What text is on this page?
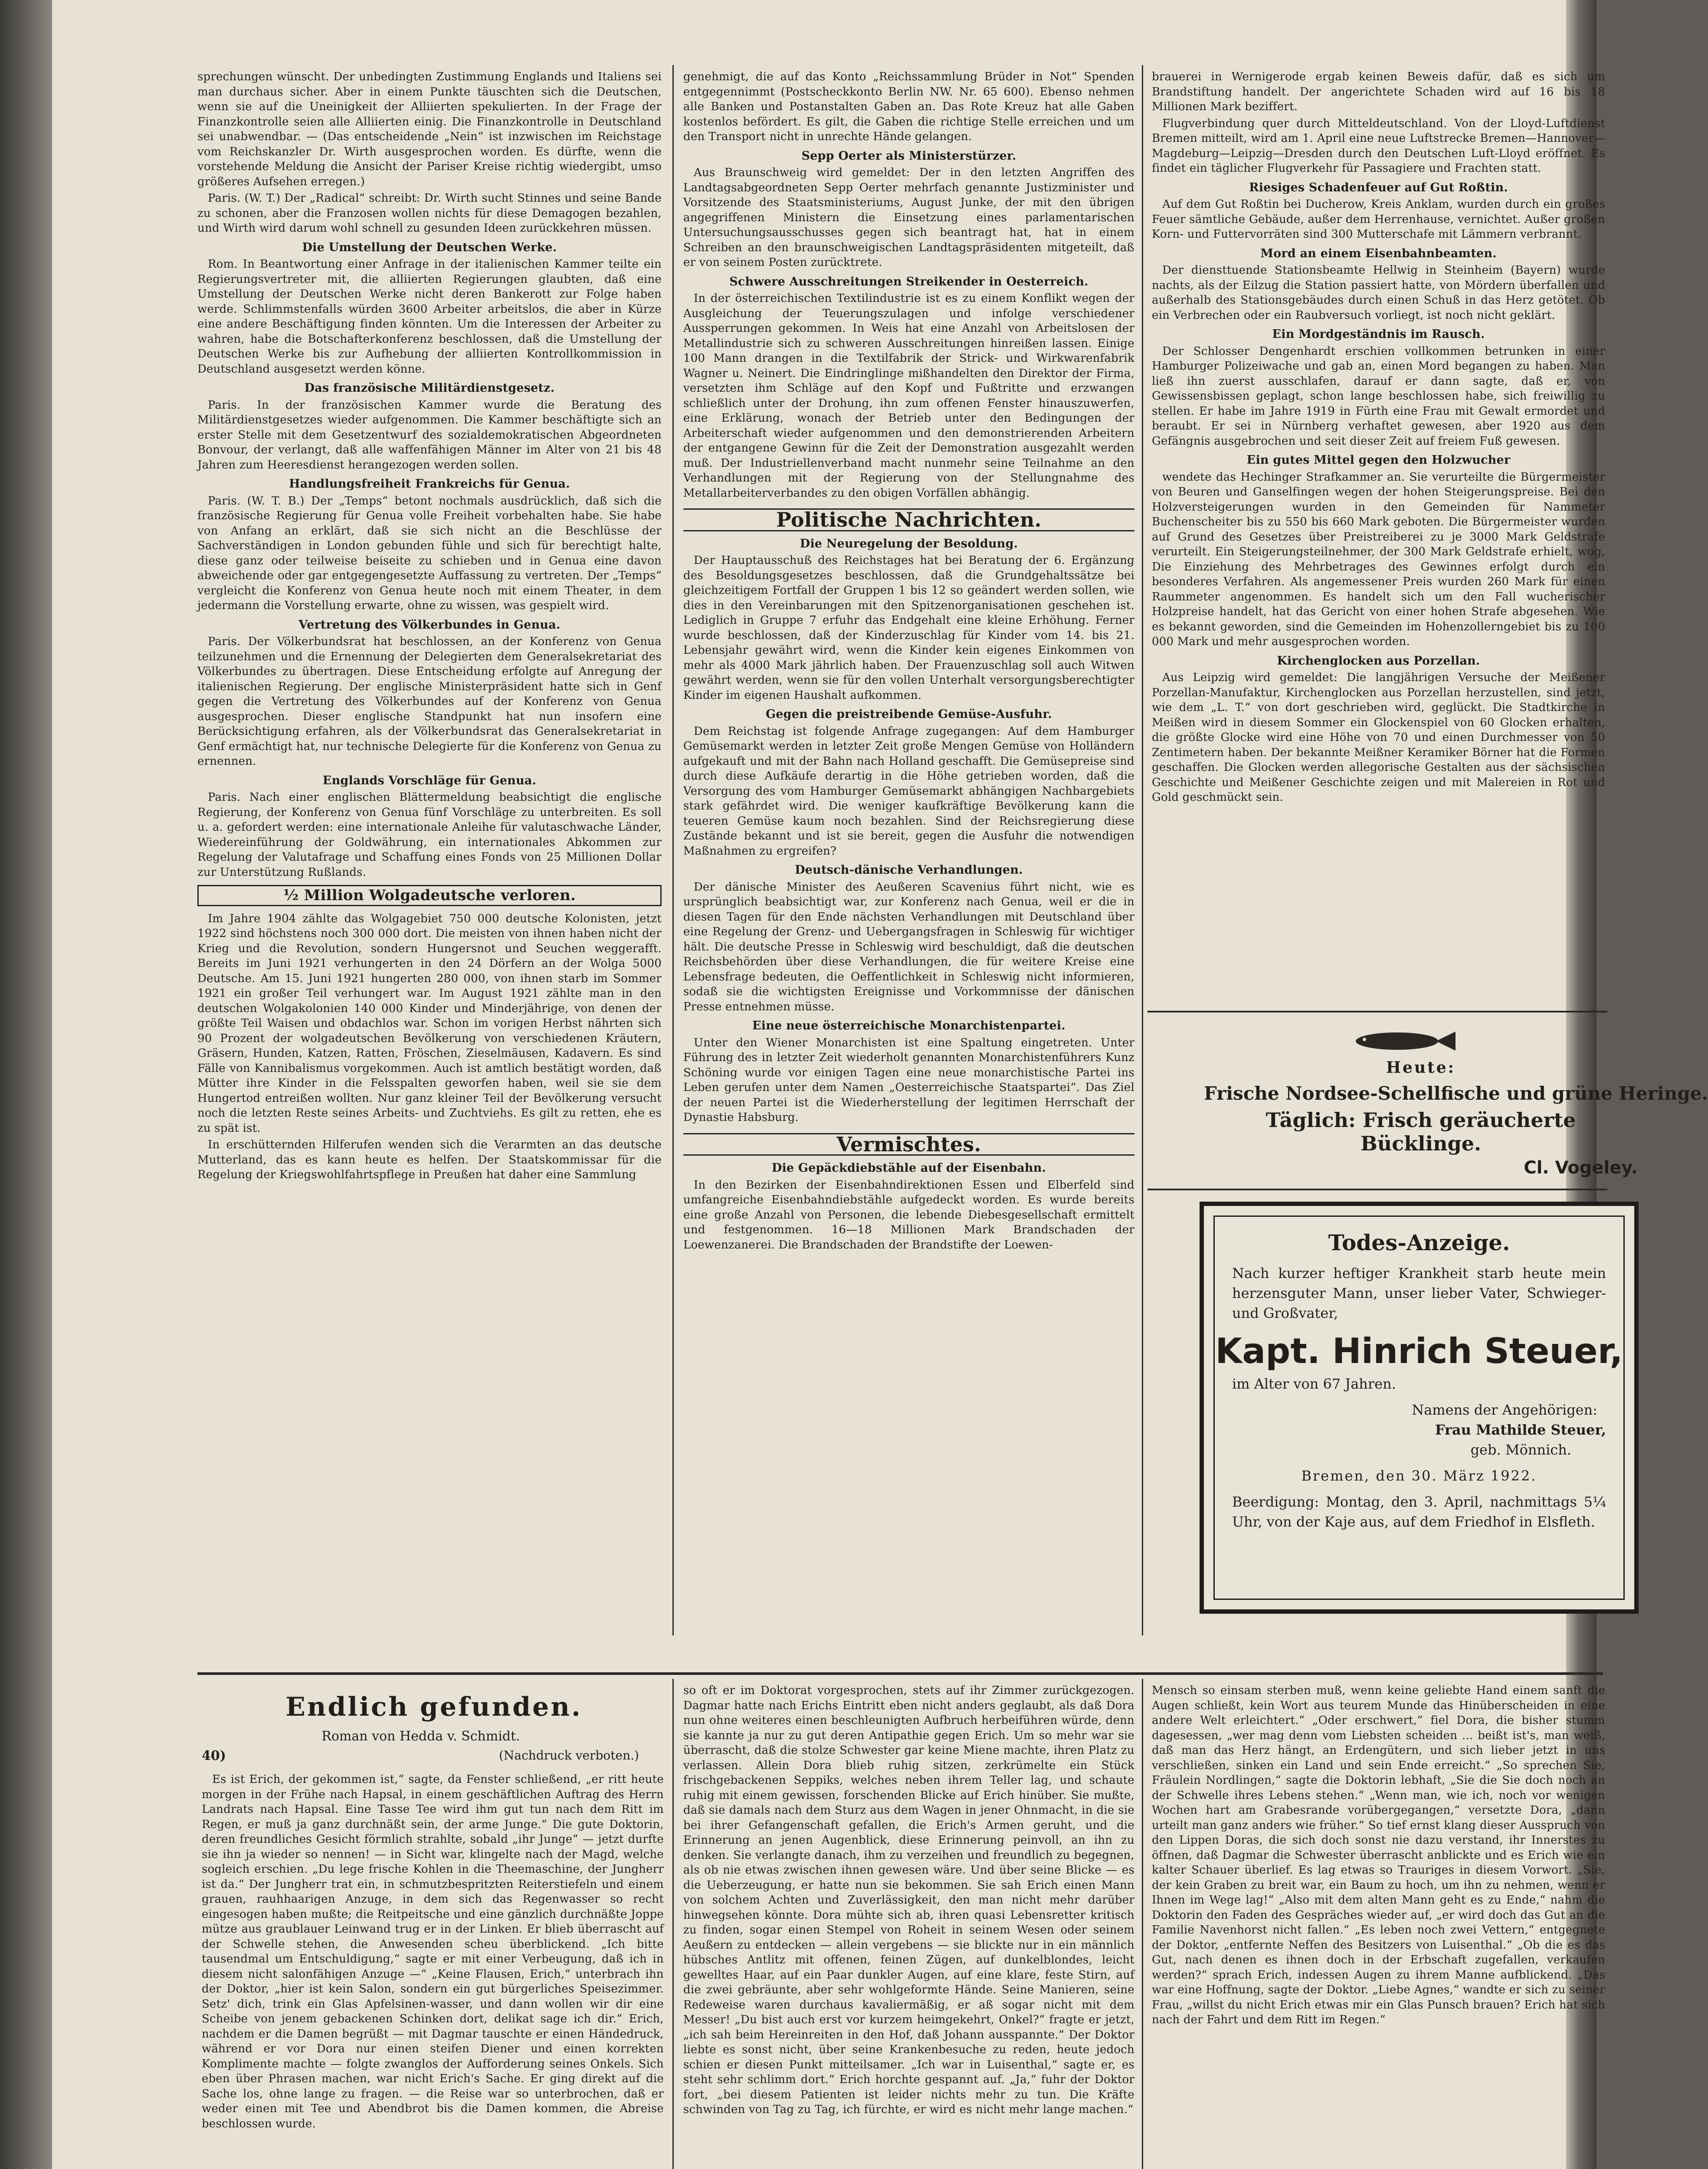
sprechungen wünscht. Der unbedingten Zustimmung Englands und Italiens sei man durchaus sicher. Aber in einem Punkte täuschten sich die Deutschen, wenn sie auf die Uneinigkeit der Alliierten spekulierten. In der Frage der Finanzkontrolle seien alle Alliierten einig. Die Finanzkontrolle in Deutschland sei unabwendbar. — (Das entscheidende „Nein“ ist inzwischen im Reichstage vom Reichskanzler Dr. Wirth ausgesprochen worden. Es dürfte, wenn die vorstehende Meldung die Ansicht der Pariser Kreise richtig wiedergibt, umso größeres Aufsehen erregen.)

Paris. (W. T.) Der „Radical“ schreibt: Dr. Wirth sucht Stinnes und seine Bande zu schonen, aber die Franzosen wollen nichts für diese Demagogen bezahlen, und Wirth wird darum wohl schnell zu gesunden Ideen zurückkehren müssen.

Die Umstellung der Deutschen Werke.

Rom. In Beantwortung einer Anfrage in der italienischen Kammer teilte ein Regierungsvertreter mit, die alliierten Regierungen glaubten, daß eine Umstellung der Deutschen Werke nicht deren Bankerott zur Folge haben werde. Schlimmstenfalls würden 3600 Arbeiter arbeitslos, die aber in Kürze eine andere Beschäftigung finden könnten. Um die Interessen der Arbeiter zu wahren, habe die Botschafterkonferenz beschlossen, daß die Umstellung der Deutschen Werke bis zur Aufhebung der alliierten Kontrollkommission in Deutschland ausgesetzt werden könne.

Das französische Militärdienstgesetz.

Paris. In der französischen Kammer wurde die Beratung des Militärdienstgesetzes wieder aufgenommen. Die Kammer beschäftigte sich an erster Stelle mit dem Gesetzentwurf des sozialdemokratischen Abgeordneten Bonvour, der verlangt, daß alle waffenfähigen Männer im Alter von 21 bis 48 Jahren zum Heeresdienst herangezogen werden sollen.

Handlungsfreiheit Frankreichs für Genua.

Paris. (W. T. B.) Der „Temps“ betont nochmals ausdrücklich, daß sich die französische Regierung für Genua volle Freiheit vorbehalten habe. Sie habe von Anfang an erklärt, daß sie sich nicht an die Beschlüsse der Sachverständigen in London gebunden fühle und sich für berechtigt halte, diese ganz oder teilweise beiseite zu schieben und in Genua eine davon abweichende oder gar entgegengesetzte Auffassung zu vertreten. Der „Temps“ vergleicht die Konferenz von Genua heute noch mit einem Theater, in dem jedermann die Vorstellung erwarte, ohne zu wissen, was gespielt wird.

Vertretung des Völkerbundes in Genua.

Paris. Der Völkerbundsrat hat beschlossen, an der Konferenz von Genua teilzunehmen und die Ernennung der Delegierten dem Generalsekretariat des Völkerbundes zu übertragen. Diese Entscheidung erfolgte auf Anregung der italienischen Regierung. Der englische Ministerpräsident hatte sich in Genf gegen die Vertretung des Völkerbundes auf der Konferenz von Genua ausgesprochen. Dieser englische Standpunkt hat nun insofern eine Berücksichtigung erfahren, als der Völkerbundsrat das Generalsekretariat in Genf ermächtigt hat, nur technische Delegierte für die Konferenz von Genua zu ernennen.

Englands Vorschläge für Genua.

Paris. Nach einer englischen Blättermeldung beabsichtigt die englische Regierung, der Konferenz von Genua fünf Vorschläge zu unterbreiten. Es soll u. a. gefordert werden: eine internationale Anleihe für valutaschwache Länder, Wiedereinführung der Goldwährung, ein internationales Abkommen zur Regelung der Valutafrage und Schaffung eines Fonds von 25 Millionen Dollar zur Unterstützung Rußlands.

½ Million Wolgadeutsche verloren.

Im Jahre 1904 zählte das Wolgagebiet 750 000 deutsche Kolonisten, jetzt 1922 sind höchstens noch 300 000 dort. Die meisten von ihnen haben nicht der Krieg und die Revolution, sondern Hungersnot und Seuchen weggerafft. Bereits im Juni 1921 verhungerten in den 24 Dörfern an der Wolga 5000 Deutsche. Am 15. Juni 1921 hungerten 280 000, von ihnen starb im Sommer 1921 ein großer Teil verhungert war. Im August 1921 zählte man in den deutschen Wolgakolonien 140 000 Kinder und Minderjährige, von denen der größte Teil Waisen und obdachlos war. Schon im vorigen Herbst nährten sich 90 Prozent der wolgadeutschen Bevölkerung von verschiedenen Kräutern, Gräsern, Hunden, Katzen, Ratten, Fröschen, Zieselmäusen, Kadavern. Es sind Fälle von Kannibalismus vorgekommen. Auch ist amtlich bestätigt worden, daß Mütter ihre Kinder in die Felsspalten geworfen haben, weil sie sie dem Hungertod entreißen wollten. Nur ganz kleiner Teil der Bevölkerung versucht noch die letzten Reste seines Arbeits- und Zuchtviehs. Es gilt zu retten, ehe es zu spät ist.

In erschütternden Hilferufen wenden sich die Verarmten an das deutsche Mutterland, das es kann heute es helfen. Der Staatskommissar für die Regelung der Kriegswohlfahrtspflege in Preußen hat daher eine Sammlung

genehmigt, die auf das Konto „Reichssammlung Brüder in Not“ Spenden entgegennimmt (Postscheckkonto Berlin NW. Nr. 65 600). Ebenso nehmen alle Banken und Postanstalten Gaben an. Das Rote Kreuz hat alle Gaben kostenlos befördert. Es gilt, die Gaben die richtige Stelle erreichen und um den Transport nicht in unrechte Hände gelangen.

Sepp Oerter als Ministerstürzer.

Aus Braunschweig wird gemeldet: Der in den letzten Angriffen des Landtagsabgeordneten Sepp Oerter mehrfach genannte Justizminister und Vorsitzende des Staatsministeriums, August Junke, der mit den übrigen angegriffenen Ministern die Einsetzung eines parlamentarischen Untersuchungsausschusses gegen sich beantragt hat, hat in einem Schreiben an den braunschweigischen Landtagspräsidenten mitgeteilt, daß er von seinem Posten zurücktrete.

Schwere Ausschreitungen Streikender in Oesterreich.

In der österreichischen Textilindustrie ist es zu einem Konflikt wegen der Ausgleichung der Teuerungszulagen und infolge verschiedener Aussperrungen gekommen. In Weis hat eine Anzahl von Arbeitslosen der Metallindustrie sich zu schweren Ausschreitungen hinreißen lassen. Einige 100 Mann drangen in die Textilfabrik der Strick- und Wirkwarenfabrik Wagner u. Neinert. Die Eindringlinge mißhandelten den Direktor der Firma, versetzten ihm Schläge auf den Kopf und Fußtritte und erzwangen schließlich unter der Drohung, ihn zum offenen Fenster hinauszuwerfen, eine Erklärung, wonach der Betrieb unter den Bedingungen der Arbeiterschaft wieder aufgenommen und den demonstrierenden Arbeitern der entgangene Gewinn für die Zeit der Demonstration ausgezahlt werden muß. Der Industriellenverband macht nunmehr seine Teilnahme an den Verhandlungen mit der Regierung von der Stellungnahme des Metallarbeiterverbandes zu den obigen Vorfällen abhängig.

Politische Nachrichten.
Die Neuregelung der Besoldung.

Der Hauptausschuß des Reichstages hat bei Beratung der 6. Ergänzung des Besoldungsgesetzes beschlossen, daß die Grundgehaltssätze bei gleichzeitigem Fortfall der Gruppen 1 bis 12 so geändert werden sollen, wie dies in den Vereinbarungen mit den Spitzenorganisationen geschehen ist. Lediglich in Gruppe 7 erfuhr das Endgehalt eine kleine Erhöhung. Ferner wurde beschlossen, daß der Kinderzuschlag für Kinder vom 14. bis 21. Lebensjahr gewährt wird, wenn die Kinder kein eigenes Einkommen von mehr als 4000 Mark jährlich haben. Der Frauenzuschlag soll auch Witwen gewährt werden, wenn sie für den vollen Unterhalt versorgungsberechtigter Kinder im eigenen Haushalt aufkommen.

Gegen die preistreibende Gemüse-Ausfuhr.

Dem Reichstag ist folgende Anfrage zugegangen: Auf dem Hamburger Gemüsemarkt werden in letzter Zeit große Mengen Gemüse von Holländern aufgekauft und mit der Bahn nach Holland geschafft. Die Gemüsepreise sind durch diese Aufkäufe derartig in die Höhe getrieben worden, daß die Versorgung des vom Hamburger Gemüsemarkt abhängigen Nachbargebiets stark gefährdet wird. Die weniger kaufkräftige Bevölkerung kann die teueren Gemüse kaum noch bezahlen. Sind der Reichsregierung diese Zustände bekannt und ist sie bereit, gegen die Ausfuhr die notwendigen Maßnahmen zu ergreifen?

Deutsch-dänische Verhandlungen.

Der dänische Minister des Aeußeren Scavenius führt nicht, wie es ursprünglich beabsichtigt war, zur Konferenz nach Genua, weil er die in diesen Tagen für den Ende nächsten Verhandlungen mit Deutschland über eine Regelung der Grenz- und Uebergangsfragen in Schleswig für wichtiger hält. Die deutsche Presse in Schleswig wird beschuldigt, daß die deutschen Reichsbehörden über diese Verhandlungen, die für weitere Kreise eine Lebensfrage bedeuten, die Oeffentlichkeit in Schleswig nicht informieren, sodaß sie die wichtigsten Ereignisse und Vorkommnisse der dänischen Presse entnehmen müsse.

Eine neue österreichische Monarchistenpartei.

Unter den Wiener Monarchisten ist eine Spaltung eingetreten. Unter Führung des in letzter Zeit wiederholt genannten Monarchistenführers Kunz Schöning wurde vor einigen Tagen eine neue monarchistische Partei ins Leben gerufen unter dem Namen „Oesterreichische Staatspartei“. Das Ziel der neuen Partei ist die Wiederherstellung der legitimen Herrschaft der Dynastie Habsburg.

Vermischtes.
Die Gepäckdiebstähle auf der Eisenbahn.

In den Bezirken der Eisenbahndirektionen Essen und Elberfeld sind umfangreiche Eisenbahndiebstähle aufgedeckt worden. Es wurde bereits eine große Anzahl von Personen, die lebende Diebesgesellschaft ermittelt und festgenommen. 16—18 Millionen Mark Brandschaden der Loewenzanerei. Die Brandschaden der Brandstifte der Loewen-

brauerei in Wernigerode ergab keinen Beweis dafür, daß es sich um Brandstiftung handelt. Der angerichtete Schaden wird auf 16 bis 18 Millionen Mark beziffert.

Flugverbindung quer durch Mitteldeutschland. Von der Lloyd-Luftdienst Bremen mitteilt, wird am 1. April eine neue Luftstrecke Bremen—Hannover—Magdeburg—Leipzig—Dresden durch den Deutschen Luft-Lloyd eröffnet. Es findet ein täglicher Flugverkehr für Passagiere und Frachten statt.

Riesiges Schadenfeuer auf Gut Roßtin.

Auf dem Gut Roßtin bei Ducherow, Kreis Anklam, wurden durch ein großes Feuer sämtliche Gebäude, außer dem Herrenhause, vernichtet. Außer großen Korn- und Futtervorräten sind 300 Mutterschafe mit Lämmern verbrannt.

Mord an einem Eisenbahnbeamten.

Der diensttuende Stationsbeamte Hellwig in Steinheim (Bayern) wurde nachts, als der Eilzug die Station passiert hatte, von Mördern überfallen und außerhalb des Stationsgebäudes durch einen Schuß in das Herz getötet. Ob ein Verbrechen oder ein Raubversuch vorliegt, ist noch nicht geklärt.

Ein Mordgeständnis im Rausch.

Der Schlosser Dengenhardt erschien vollkommen betrunken in einer Hamburger Polizeiwache und gab an, einen Mord begangen zu haben. Man ließ ihn zuerst ausschlafen, darauf er dann sagte, daß er, von Gewissensbissen geplagt, schon lange beschlossen habe, sich freiwillig zu stellen. Er habe im Jahre 1919 in Fürth eine Frau mit Gewalt ermordet und beraubt. Er sei in Nürnberg verhaftet gewesen, aber 1920 aus dem Gefängnis ausgebrochen und seit dieser Zeit auf freiem Fuß gewesen.

Ein gutes Mittel gegen den Holzwucher

wendete das Hechinger Strafkammer an. Sie verurteilte die Bürgermeister von Beuren und Ganselfingen wegen der hohen Steigerungspreise. Bei den Holzversteigerungen wurden in den Gemeinden für Nammeter Buchenscheiter bis zu 550 bis 660 Mark geboten. Die Bürgermeister wurden auf Grund des Gesetzes über Preistreiberei zu je 3000 Mark Geldstrafe verurteilt. Ein Steigerungsteilnehmer, der 300 Mark Geldstrafe erhielt, wog, Die Einziehung des Mehrbetrages des Gewinnes erfolgt durch ein besonderes Verfahren. Als angemessener Preis wurden 260 Mark für einen Raummeter angenommen. Es handelt sich um den Fall wucherischer Holzpreise handelt, hat das Gericht von einer hohen Strafe abgesehen. Wie es bekannt geworden, sind die Gemeinden im Hohenzollerngebiet bis zu 100 000 Mark und mehr ausgesprochen worden.

Kirchenglocken aus Porzellan.

Aus Leipzig wird gemeldet: Die langjährigen Versuche der Meißener Porzellan-Manufaktur, Kirchenglocken aus Porzellan herzustellen, sind jetzt, wie dem „L. T.“ von dort geschrieben wird, geglückt. Die Stadtkirche in Meißen wird in diesem Sommer ein Glockenspiel von 60 Glocken erhalten, die größte Glocke wird eine Höhe von 70 und einen Durchmesser von 50 Zentimetern haben. Der bekannte Meißner Keramiker Börner hat die Formen geschaffen. Die Glocken werden allegorische Gestalten aus der sächsischen Geschichte und Meißener Geschichte zeigen und mit Malereien in Rot und Gold geschmückt sein.

Heute:
Frische Nordsee-Schellfische und grüne Heringe.
Täglich: Frisch geräucherte Bücklinge.
Cl. Vogeley.
Todes-Anzeige.
Nach kurzer heftiger Krankheit starb heute mein herzensguter Mann, unser lieber Vater, Schwieger- und Großvater,
Kapt. Hinrich Steuer,
im Alter von 67 Jahren.
Namens der Angehörigen:
Frau Mathilde Steuer,
geb. Mönnich.
Bremen, den 30. März 1922.
Beerdigung: Montag, den 3. April, nachmittags 5¼ Uhr, von der Kaje aus, auf dem Friedhof in Elsfleth.
Endlich gefunden.
Roman von Hedda v. Schmidt.
40)	(Nachdruck verboten.)

Es ist Erich, der gekommen ist,“ sagte, da Fenster schließend, „er ritt heute morgen in der Frühe nach Hapsal, in einem geschäftlichen Auftrag des Herrn Landrats nach Hapsal. Eine Tasse Tee wird ihm gut tun nach dem Ritt im Regen, er muß ja ganz durchnäßt sein, der arme Junge.“ Die gute Doktorin, deren freundliches Gesicht förmlich strahlte, sobald „ihr Junge“ — jetzt durfte sie ihn ja wieder so nennen! — in Sicht war, klingelte nach der Magd, welche sogleich erschien. „Du lege frische Kohlen in die Theemaschine, der Jungherr ist da.“ Der Jungherr trat ein, in schmutzbespritzten Reiterstiefeln und einem grauen, rauhhaarigen Anzuge, in dem sich das Regenwasser so recht eingesogen haben mußte; die Reitpeitsche und eine gänzlich durchnäßte Joppe mütze aus graublauer Leinwand trug er in der Linken. Er blieb überrascht auf der Schwelle stehen, die Anwesenden scheu überblickend. „Ich bitte tausendmal um Entschuldigung,“ sagte er mit einer Verbeugung, daß ich in diesem nicht salonfähigen Anzuge —“ „Keine Flausen, Erich,“ unterbrach ihn der Doktor, „hier ist kein Salon, sondern ein gut bürgerliches Speisezimmer. Setz' dich, trink ein Glas Apfelsinen-wasser, und dann wollen wir dir eine Scheibe von jenem gebackenen Schinken dort, delikat sage ich dir.“ Erich, nachdem er die Damen begrüßt — mit Dagmar tauschte er einen Händedruck, während er vor Dora nur einen steifen Diener und einen korrekten Komplimente machte — folgte zwanglos der Aufforderung seines Onkels. Sich eben über Phrasen machen, war nicht Erich's Sache. Er ging direkt auf die Sache los, ohne lange zu fragen. — die Reise war so unterbrochen, daß er weder einen mit Tee und Abendbrot bis die Damen kommen, die Abreise beschlossen wurde.

so oft er im Doktorat vorgesprochen, stets auf ihr Zimmer zurückgezogen. Dagmar hatte nach Erichs Eintritt eben nicht anders geglaubt, als daß Dora nun ohne weiteres einen beschleunigten Aufbruch herbeiführen würde, denn sie kannte ja nur zu gut deren Antipathie gegen Erich. Um so mehr war sie überrascht, daß die stolze Schwester gar keine Miene machte, ihren Platz zu verlassen. Allein Dora blieb ruhig sitzen, zerkrümelte ein Stück frischgebackenen Seppiks, welches neben ihrem Teller lag, und schaute ruhig mit einem gewissen, forschenden Blicke auf Erich hinüber. Sie mußte, daß sie damals nach dem Sturz aus dem Wagen in jener Ohnmacht, in die sie bei ihrer Gefangenschaft gefallen, die Erich's Armen geruht, und die Erinnerung an jenen Augenblick, diese Erinnerung peinvoll, an ihn zu denken. Sie verlangte danach, ihm zu verzeihen und freundlich zu begegnen, als ob nie etwas zwischen ihnen gewesen wäre. Und über seine Blicke — es die Ueberzeugung, er hatte nun sie bekommen. Sie sah Erich einen Mann von solchem Achten und Zuverlässigkeit, den man nicht mehr darüber hinwegsehen könnte. Dora mühte sich ab, ihren quasi Lebensretter kritisch zu finden, sogar einen Stempel von Roheit in seinem Wesen oder seinem Aeußern zu entdecken — allein vergebens — sie blickte nur in ein männlich hübsches Antlitz mit offenen, feinen Zügen, auf dunkelblondes, leicht gewelltes Haar, auf ein Paar dunkler Augen, auf eine klare, feste Stirn, auf die zwei gebräunte, aber sehr wohlgeformte Hände. Seine Manieren, seine Redeweise waren durchaus kavaliermäßig, er aß sogar nicht mit dem Messer! „Du bist auch erst vor kurzem heimgekehrt, Onkel?“ fragte er jetzt, „ich sah beim Hereinreiten in den Hof, daß Johann ausspannte.“ Der Doktor liebte es sonst nicht, über seine Krankenbesuche zu reden, heute jedoch schien er diesen Punkt mitteilsamer. „Ich war in Luisenthal,“ sagte er, es steht sehr schlimm dort.“ Erich horchte gespannt auf. „Ja,“ fuhr der Doktor fort, „bei diesem Patienten ist leider nichts mehr zu tun. Die Kräfte schwinden von Tag zu Tag, ich fürchte, er wird es nicht mehr lange machen.“

Mensch so einsam sterben muß, wenn keine geliebte Hand einem sanft die Augen schließt, kein Wort aus teurem Munde das Hinüberscheiden in eine andere Welt erleichtert.“ „Oder erschwert,“ fiel Dora, die bisher stumm dagesessen, „wer mag denn vom Liebsten scheiden ... beißt ist's, man weiß, daß man das Herz hängt, an Erdengütern, und sich lieber jetzt in uns verschließen, sinken ein Land und sein Ende erreicht.“ „So sprechen Sie, Fräulein Nordlingen,“ sagte die Doktorin lebhaft, „Sie die Sie doch noch an der Schwelle ihres Lebens stehen.“ „Wenn man, wie ich, noch vor wenigen Wochen hart am Grabesrande vorübergegangen,“ versetzte Dora, „dann urteilt man ganz anders wie früher.“ So tief ernst klang dieser Ausspruch von den Lippen Doras, die sich doch sonst nie dazu verstand, ihr Innerstes zu öffnen, daß Dagmar die Schwester überrascht anblickte und es Erich wie ein kalter Schauer überlief. Es lag etwas so Trauriges in diesem Vorwort. „Sie, der kein Graben zu breit war, ein Baum zu hoch, um ihn zu nehmen, wenn er Ihnen im Wege lag!“ „Also mit dem alten Mann geht es zu Ende,“ nahm die Doktorin den Faden des Gespräches wieder auf, „er wird doch das Gut an die Familie Navenhorst nicht fallen.“ „Es leben noch zwei Vettern,“ entgegnete der Doktor, „entfernte Neffen des Besitzers von Luisenthal.“ „Ob die es das Gut, nach denen es ihnen doch in der Erbschaft zugefallen, verkaufen werden?“ sprach Erich, indessen Augen zu ihrem Manne aufblickend. „Das war eine Hoffnung, sagte der Doktor. „Liebe Agnes,“ wandte er sich zu seiner Frau, „willst du nicht Erich etwas mir ein Glas Punsch brauen? Erich hat sich nach der Fahrt und dem Ritt im Regen.“
